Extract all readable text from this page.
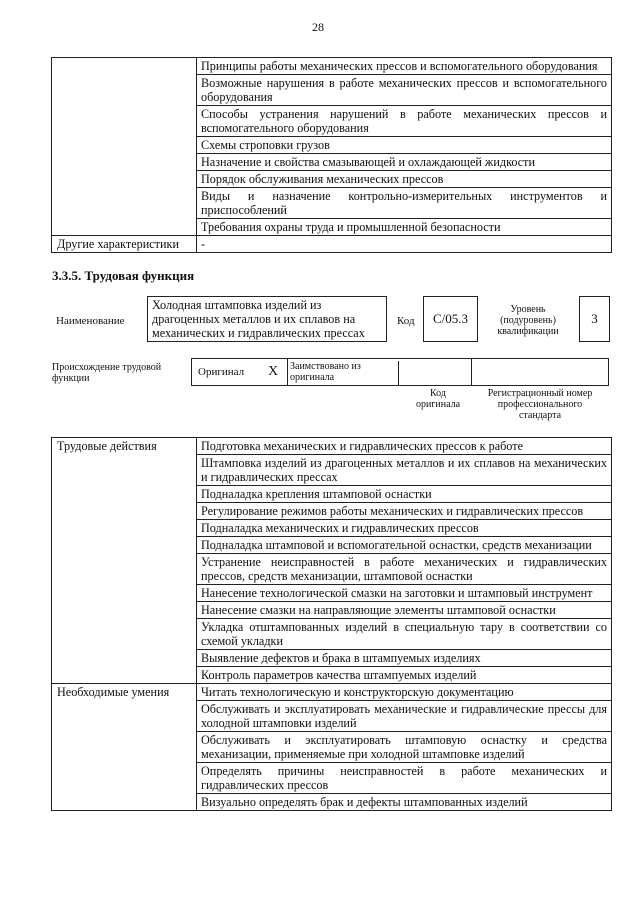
28
	Принципы работы механических прессов и вспомогательного оборудования
	Возможные нарушения в работе механических прессов и вспомогательного оборудования
	Способы устранения нарушений в работе механических прессов и вспомогательного оборудования
	Схемы строповки грузов
	Назначение и свойства смазывающей и охлаждающей жидкости
	Порядок обслуживания механических прессов
	Виды и назначение контрольно-измерительных инструментов и приспособлений
	Требования охраны труда и промышленной безопасности
Другие характеристики	-
3.3.5. Трудовая функция
Наименование
Холодная штамповка изделий из драгоценных металлов и их сплавов на механических и гидравлических прессах
Код	C/05.3
Уровень (подуровень) квалификации
3
Происхождение трудовой функции
Оригинал X Заимствовано из оригинала
Код оригинала
Регистрационный номер профессионального стандарта
Трудовые действия	Подготовка механических и гидравлических прессов к работе
	Штамповка изделий из драгоценных металлов и их сплавов на механических и гидравлических прессах
	Подналадка крепления штамповой оснастки
	Регулирование режимов работы механических и гидравлических прессов
	Подналадка механических и гидравлических прессов
	Подналадка штамповой и вспомогательной оснастки, средств механизации
	Устранение неисправностей в работе механических и гидравлических прессов, средств механизации, штамповой оснастки
	Нанесение технологической смазки на заготовки и штамповый инструмент
	Нанесение смазки на направляющие элементы штамповой оснастки
	Укладка отштампованных изделий в специальную тару в соответствии со схемой укладки
	Выявление дефектов и брака в штампуемых изделиях
	Контроль параметров качества штампуемых изделий
Необходимые умения	Читать технологическую и конструкторскую документацию
	Обслуживать и эксплуатировать механические и гидравлические прессы для холодной штамповки изделий
	Обслуживать и эксплуатировать штамповую оснастку и средства механизации, применяемые при холодной штамповке изделий
	Определять причины неисправностей в работе механических и гидравлических прессов
	Визуально определять брак и дефекты штампованных изделий
